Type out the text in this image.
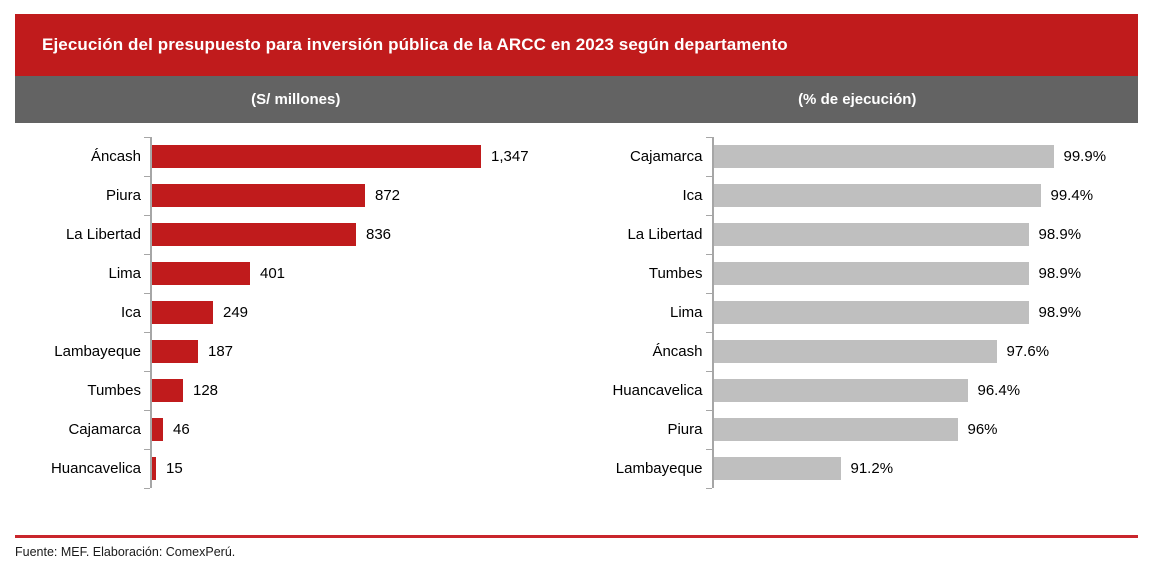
Ejecución del presupuesto para inversión pública de la ARCC en 2023 según departamento
(S/ millones)	(% de ejecución)
Áncash	1,347
Piura	872
La Libertad	836
Lima	401
Ica	249
Lambayeque	187
Tumbes	128
Cajamarca	46
Huancavelica	15
Cajamarca	99.9%
Ica	99.4%
La Libertad	98.9%
Tumbes	98.9%
Lima	98.9%
Áncash	97.6%
Huancavelica	96.4%
Piura	96%
Lambayeque	91.2%
Fuente: MEF. Elaboración: ComexPerú.
